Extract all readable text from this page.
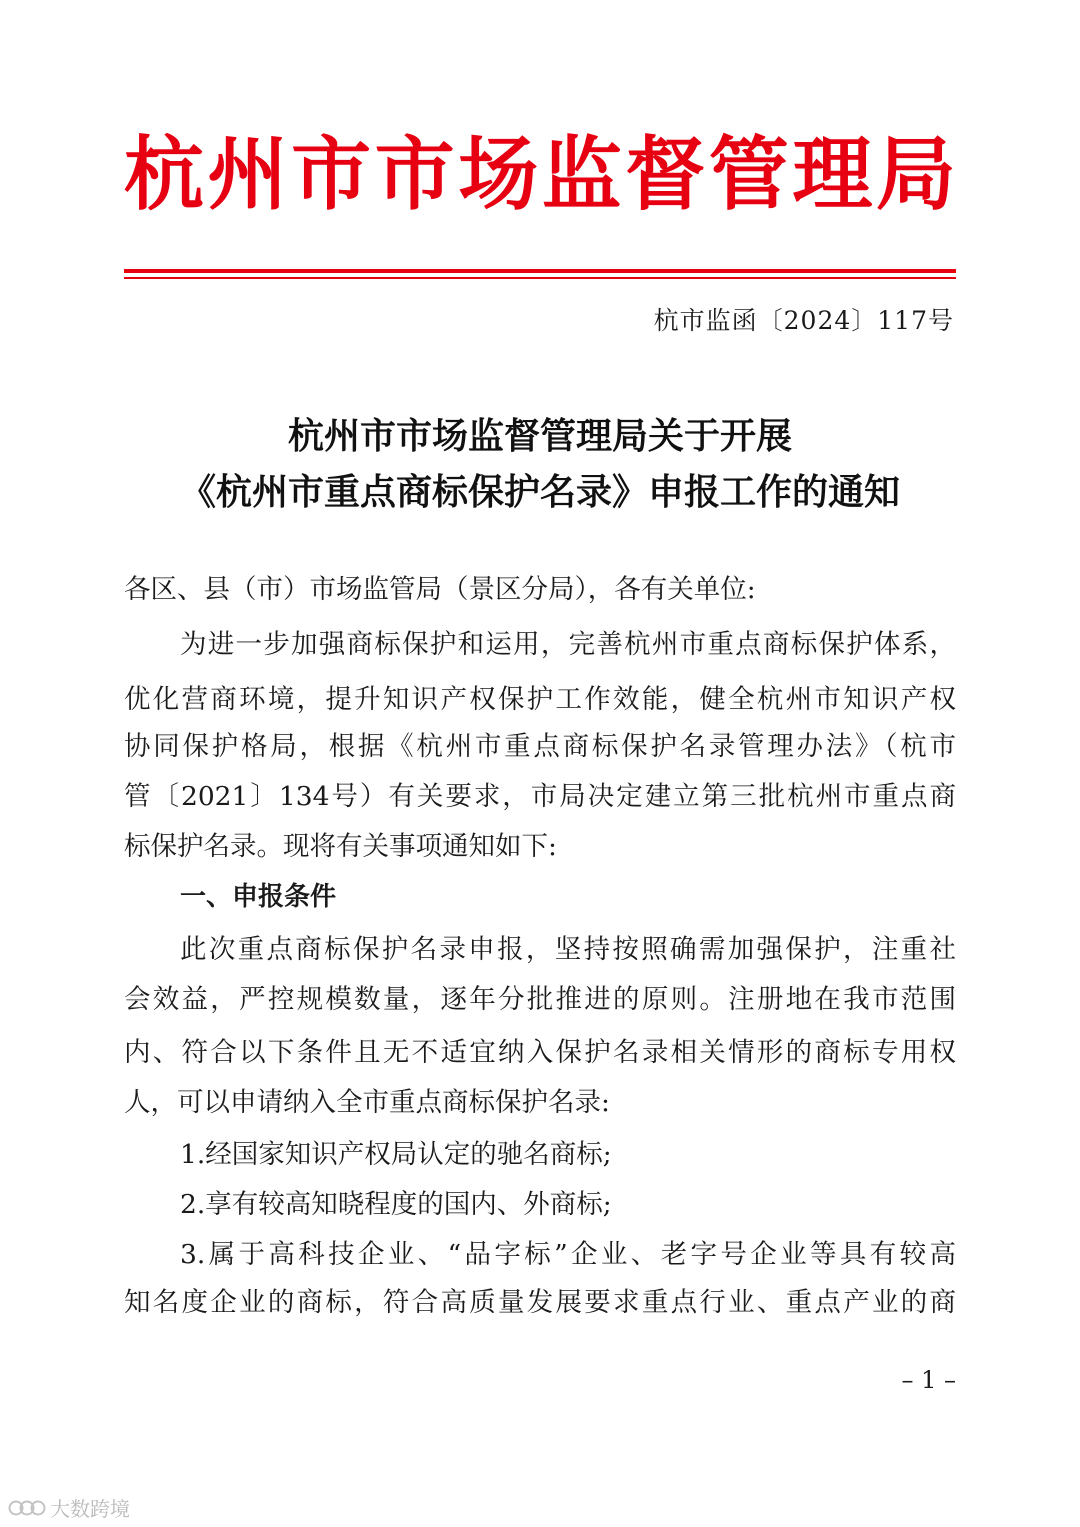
杭 州 市 市 场 监 督 管 理 局
杭市监函〔2024〕117号
杭州市市场监督管理局关于开展
《杭州市重点商标保护名录》申报工作的通知
各区、县（市）市场监管局（景区分局），各有关单位:
为进一步加强商标保护和运用，完善杭州市重点商标保护体系，
优化营商环境，提升知识产权保护工作效能，健全杭州市知识产权
协同保护格局，根据《杭州市重点商标保护名录管理办法》（杭市
管〔2021〕134号）有关要求，市局决定建立第三批杭州市重点商
标保护名录。现将有关事项通知如下:
一、申报条件
此次重点商标保护名录申报，坚持按照确需加强保护，注重社
会效益，严控规模数量，逐年分批推进的原则。注册地在我市范围
内、符合以下条件且无不适宜纳入保护名录相关情形的商标专用权
人，可以申请纳入全市重点商标保护名录:
1.经国家知识产权局认定的驰名商标;
2.享有较高知晓程度的国内、外商标;
3.属于高科技企业、“品字标”企业、老字号企业等具有较高
知名度企业的商标，符合高质量发展要求重点行业、重点产业的商
– 1 –
大数跨境
